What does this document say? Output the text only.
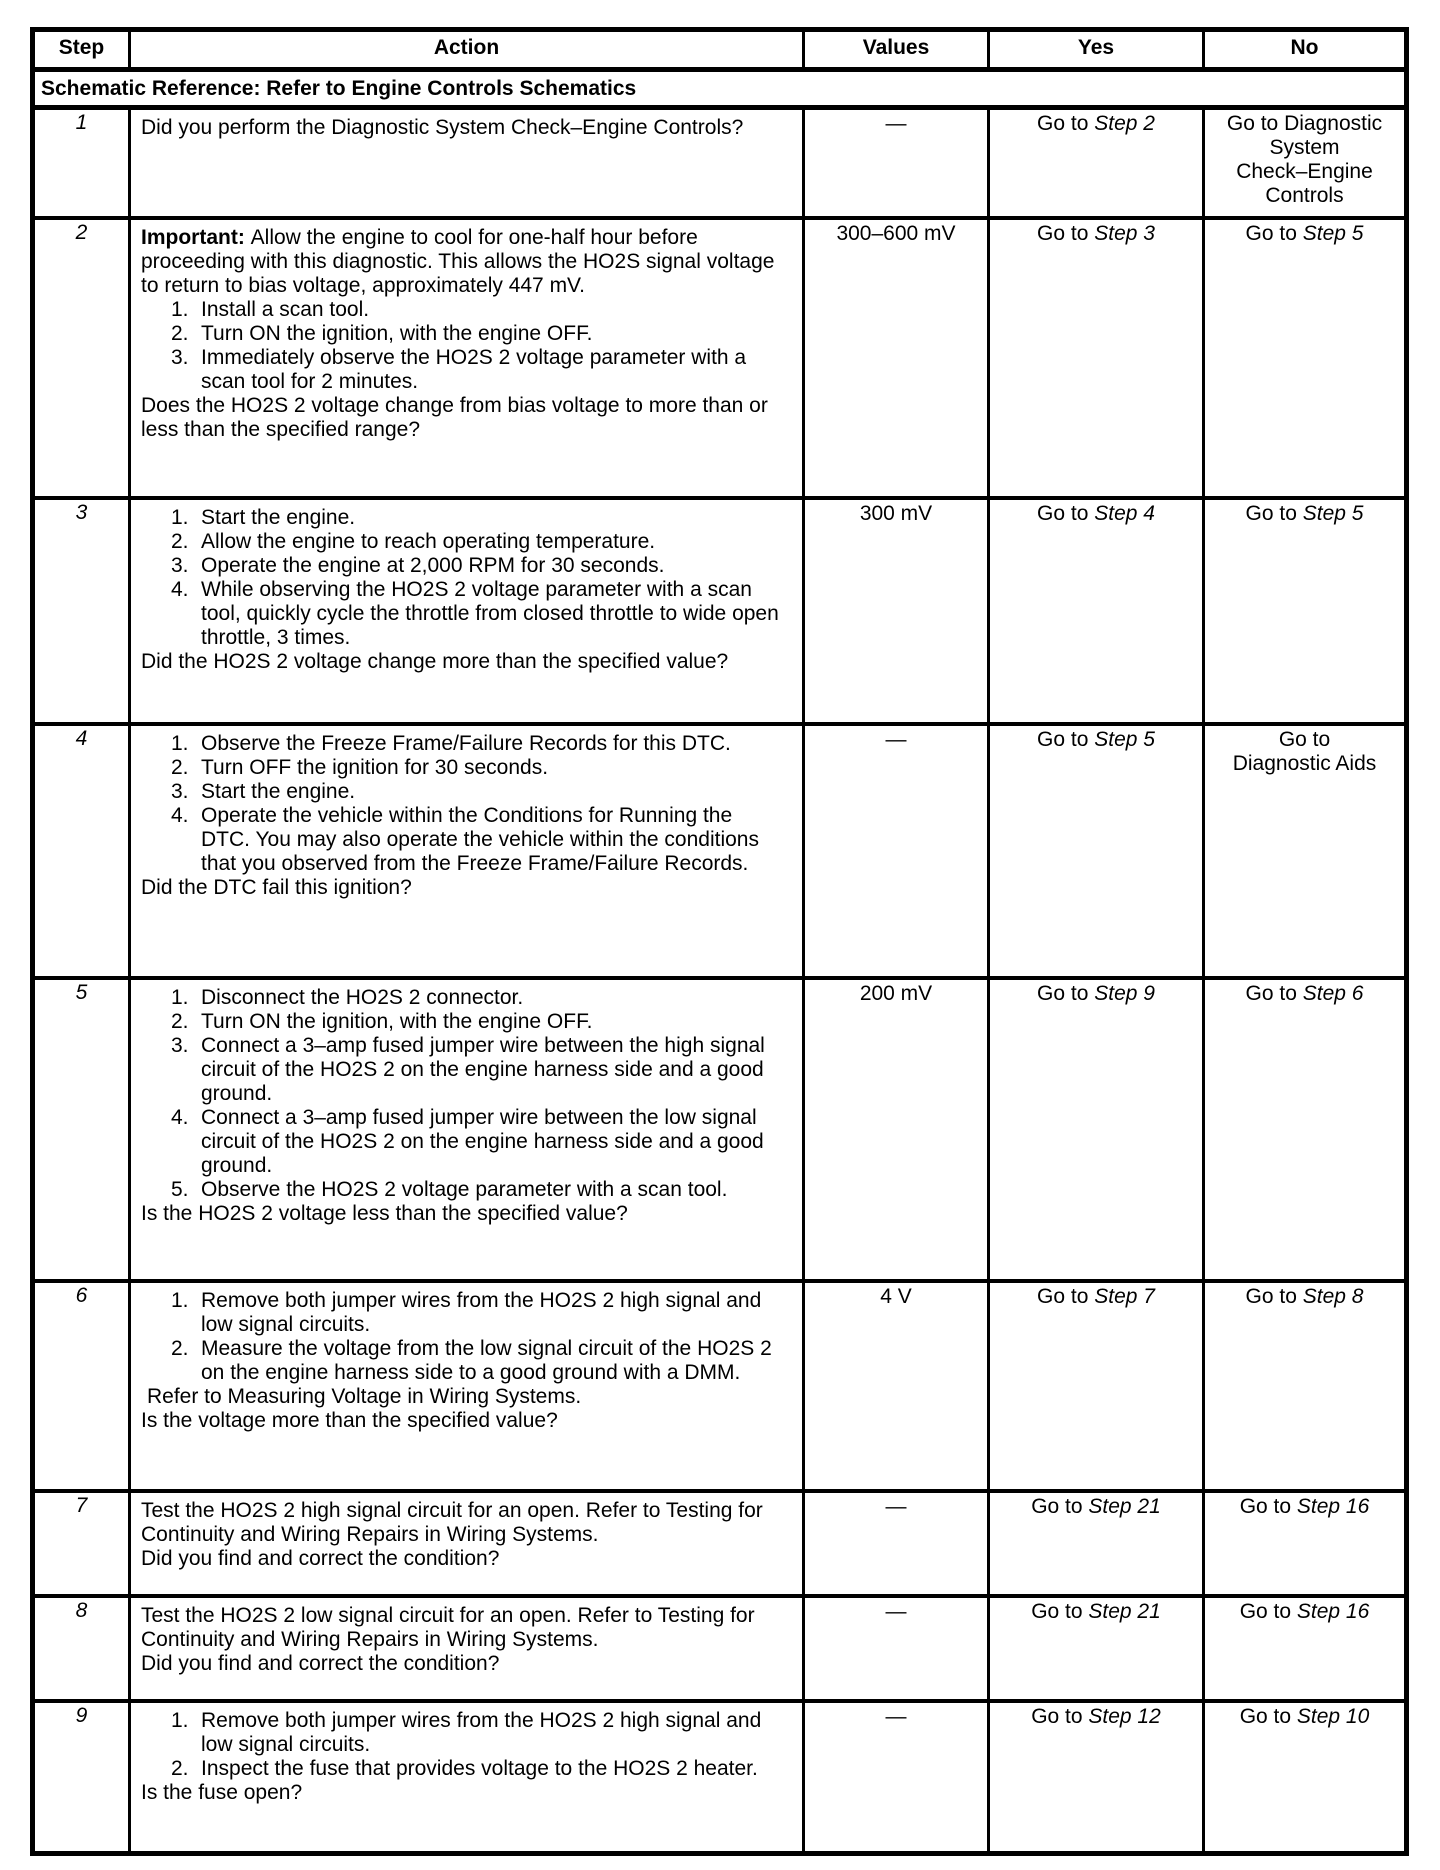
Step	Action	Values	Yes	No
Schematic Reference: Refer to Engine Controls Schematics				
1	Did you perform the Diagnostic System Check–Engine Controls?	—	Go to Step 2	Go to Diagnostic
System
Check–Engine
Controls
2	Important: Allow the engine to cool for one-half hour before proceeding with this diagnostic. This allows the HO2S signal voltage to return to bias voltage, approximately 447 mV.
1. Install a scan tool.
2. Turn ON the ignition, with the engine OFF.
3. Immediately observe the HO2S 2 voltage parameter with a scan tool for 2 minutes.
Does the HO2S 2 voltage change from bias voltage to more than or less than the specified range?
	300–600 mV	Go to Step 3	Go to Step 5
3	1. Start the engine.
2. Allow the engine to reach operating temperature.
3. Operate the engine at 2,000 RPM for 30 seconds.
4. While observing the HO2S 2 voltage parameter with a scan tool, quickly cycle the throttle from closed throttle to wide open throttle, 3 times.
Did the HO2S 2 voltage change more than the specified value?
	300 mV	Go to Step 4	Go to Step 5
4	1. Observe the Freeze Frame/Failure Records for this DTC.
2. Turn OFF the ignition for 30 seconds.
3. Start the engine.
4. Operate the vehicle within the Conditions for Running the DTC. You may also operate the vehicle within the conditions that you observed from the Freeze Frame/Failure Records.
Did the DTC fail this ignition?
	—	Go to Step 5	Go to
Diagnostic Aids
5	1. Disconnect the HO2S 2 connector.
2. Turn ON the ignition, with the engine OFF.
3. Connect a 3–amp fused jumper wire between the high signal circuit of the HO2S 2 on the engine harness side and a good ground.
4. Connect a 3–amp fused jumper wire between the low signal circuit of the HO2S 2 on the engine harness side and a good ground.
5. Observe the HO2S 2 voltage parameter with a scan tool.
Is the HO2S 2 voltage less than the specified value?
	200 mV	Go to Step 9	Go to Step 6
6	1. Remove both jumper wires from the HO2S 2 high signal and low signal circuits.
2. Measure the voltage from the low signal circuit of the HO2S 2 on the engine harness side to a good ground with a DMM.
Refer to Measuring Voltage in Wiring Systems.
Is the voltage more than the specified value?
	4 V	Go to Step 7	Go to Step 8
7	Test the HO2S 2 high signal circuit for an open. Refer to Testing for Continuity and Wiring Repairs in Wiring Systems.
Did you find and correct the condition?	—	Go to Step 21	Go to Step 16
8	Test the HO2S 2 low signal circuit for an open. Refer to Testing for Continuity and Wiring Repairs in Wiring Systems.
Did you find and correct the condition?	—	Go to Step 21	Go to Step 16
9	1. Remove both jumper wires from the HO2S 2 high signal and low signal circuits.
2. Inspect the fuse that provides voltage to the HO2S 2 heater.
Is the fuse open?	—	Go to Step 12	Go to Step 10
